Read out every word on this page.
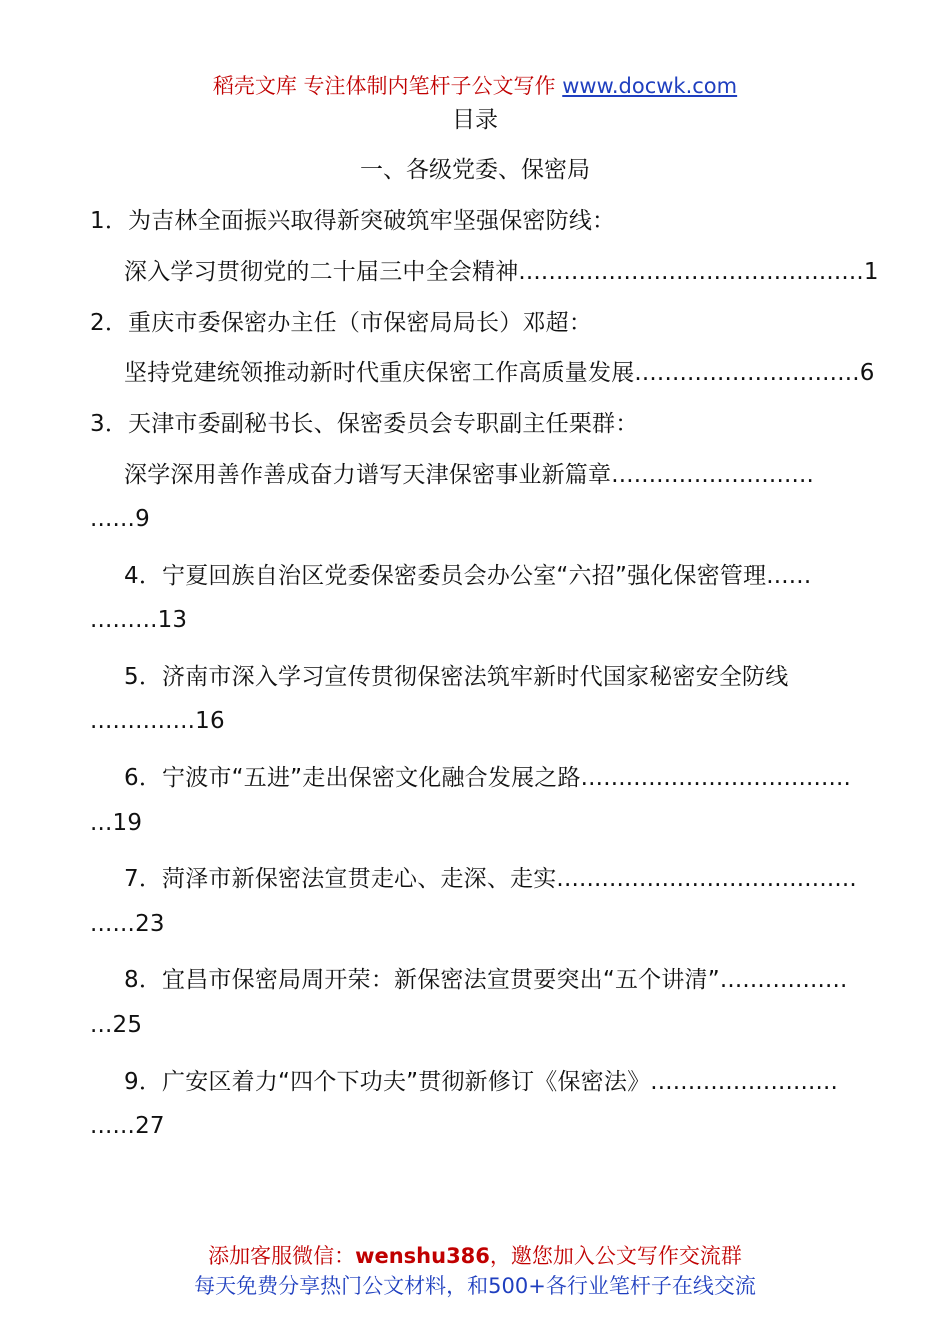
稻壳文库 专注体制内笔杆子公文写作 www.docwk.com
目录
一、各级党委、保密局
1．为吉林全面振兴取得新突破筑牢坚强保密防线：
深入学习贯彻党的二十届三中全会精神..............................................1
2．重庆市委保密办主任（市保密局局长）邓超：
坚持党建统领推动新时代重庆保密工作高质量发展..............................6
3．天津市委副秘书长、保密委员会专职副主任栗群：
深学深用善作善成奋力谱写天津保密事业新篇章...........................
......9
4．宁夏回族自治区党委保密委员会办公室“六招”强化保密管理......
.........13
5．济南市深入学习宣传贯彻保密法筑牢新时代国家秘密安全防线
..............16
6．宁波市“五进”走出保密文化融合发展之路....................................
...19
7．菏泽市新保密法宣贯走心、走深、走实........................................
......23
8．宜昌市保密局周开荣：新保密法宣贯要突出“五个讲清”.................
...25
9．广安区着力“四个下功夫”贯彻新修订《保密法》.........................
......27
添加客服微信：wenshu386，邀您加入公文写作交流群
每天免费分享热门公文材料，和500+各行业笔杆子在线交流
